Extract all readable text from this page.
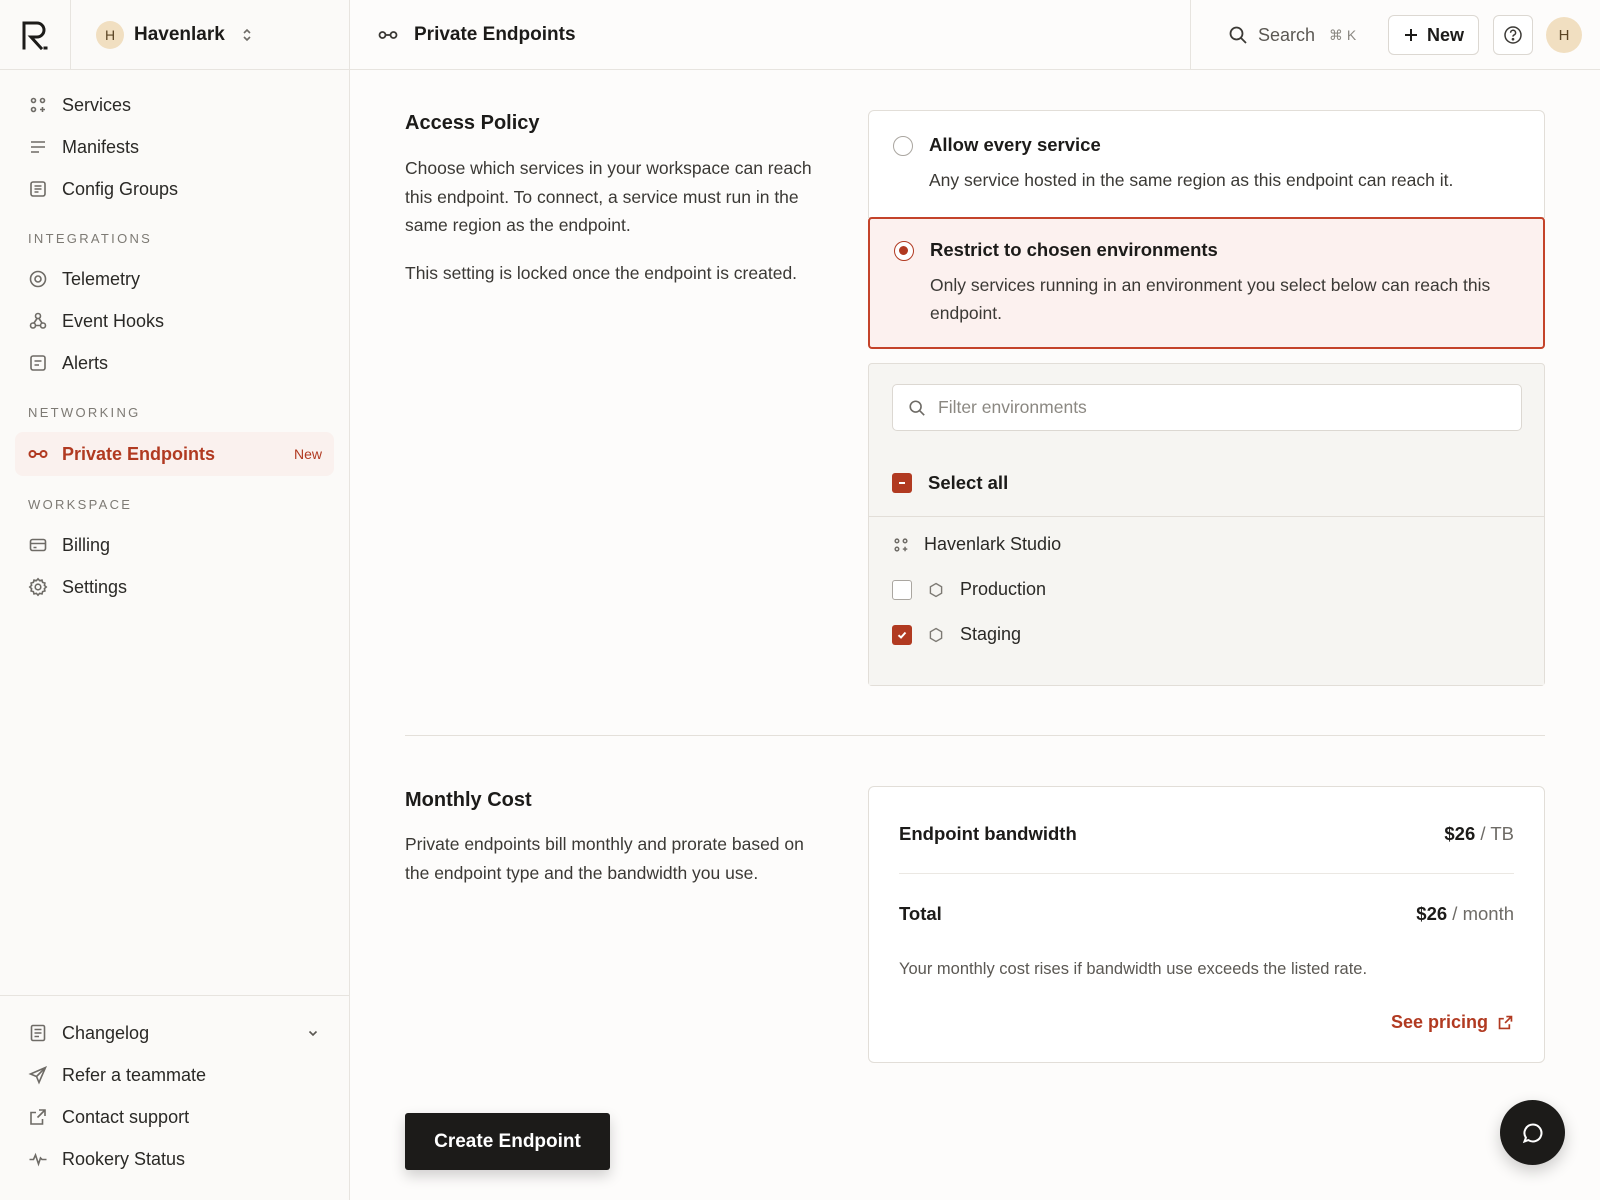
H Havenlark
Services
Manifests
Config Groups
INTEGRATIONS
Telemetry
Event Hooks
Alerts
NETWORKING
Private Endpoints	New
WORKSPACE
Billing
Settings
Changelog
Refer a teammate
Contact support
Rookery Status
Private Endpoints	Search ⌘ K	New	H
Access Policy

Choose which services in your workspace can reach this endpoint. To connect, a service must run in the same region as the endpoint.

This setting is locked once the endpoint is created.

Allow every service
Any service hosted in the same region as this endpoint can reach it.
Restrict to chosen environments
Only services running in an environment you select below can reach this endpoint.
Filter environments
Select all
Havenlark Studio
Production
Staging
Monthly Cost

Private endpoints bill monthly and prorate based on the endpoint type and the bandwidth you use.

Endpoint bandwidth	$26 / TB
Total	$26 / month
Your monthly cost rises if bandwidth use exceeds the listed rate.
See pricing
Create Endpoint
